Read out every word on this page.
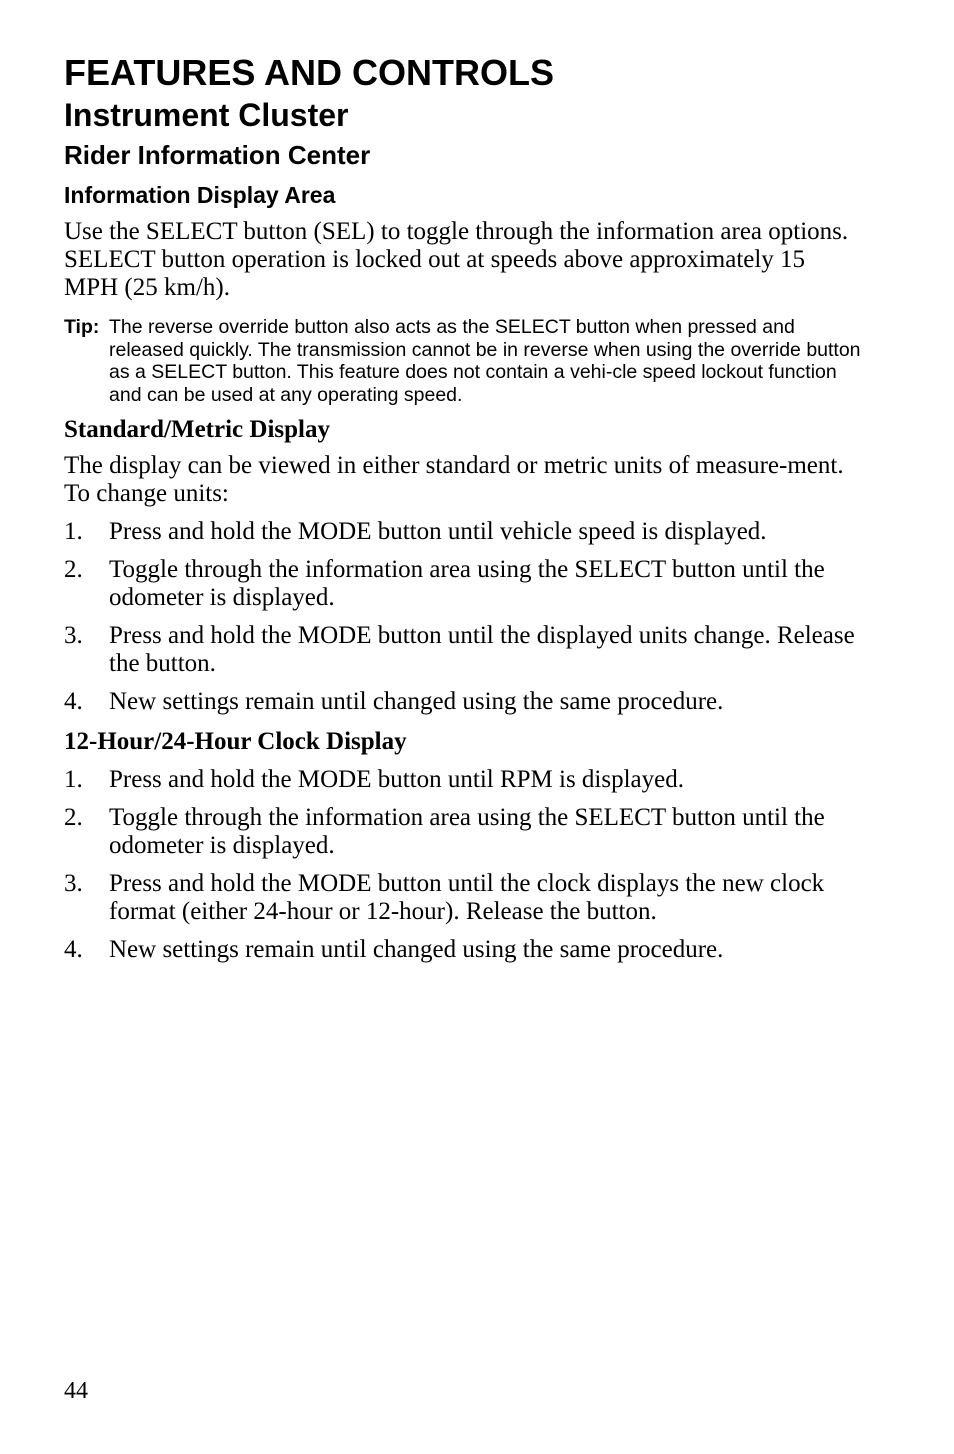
FEATURES AND CONTROLS
Instrument Cluster
Rider Information Center
Information Display Area

Use the SELECT button (SEL) to toggle through the information area options. SELECT button operation is locked out at speeds above approximately 15 MPH (25 km/h).

Tip: The reverse override button also acts as the SELECT button when pressed and released quickly. The transmission cannot be in reverse when using the override button as a SELECT button. This feature does not contain a vehi-cle speed lockout function and can be used at any operating speed.
Standard/Metric Display

The display can be viewed in either standard or metric units of measure-ment. To change units:

1.	Press and hold the MODE button until vehicle speed is displayed.
2.	Toggle through the information area using the SELECT button until the odometer is displayed.
3.	Press and hold the MODE button until the displayed units change. Release the button.
4.	New settings remain until changed using the same procedure.
12-Hour/24-Hour Clock Display
1.	Press and hold the MODE button until RPM is displayed.
2.	Toggle through the information area using the SELECT button until the odometer is displayed.
3.	Press and hold the MODE button until the clock displays the new clock format (either 24-hour or 12-hour). Release the button.
4.	New settings remain until changed using the same procedure.
44
